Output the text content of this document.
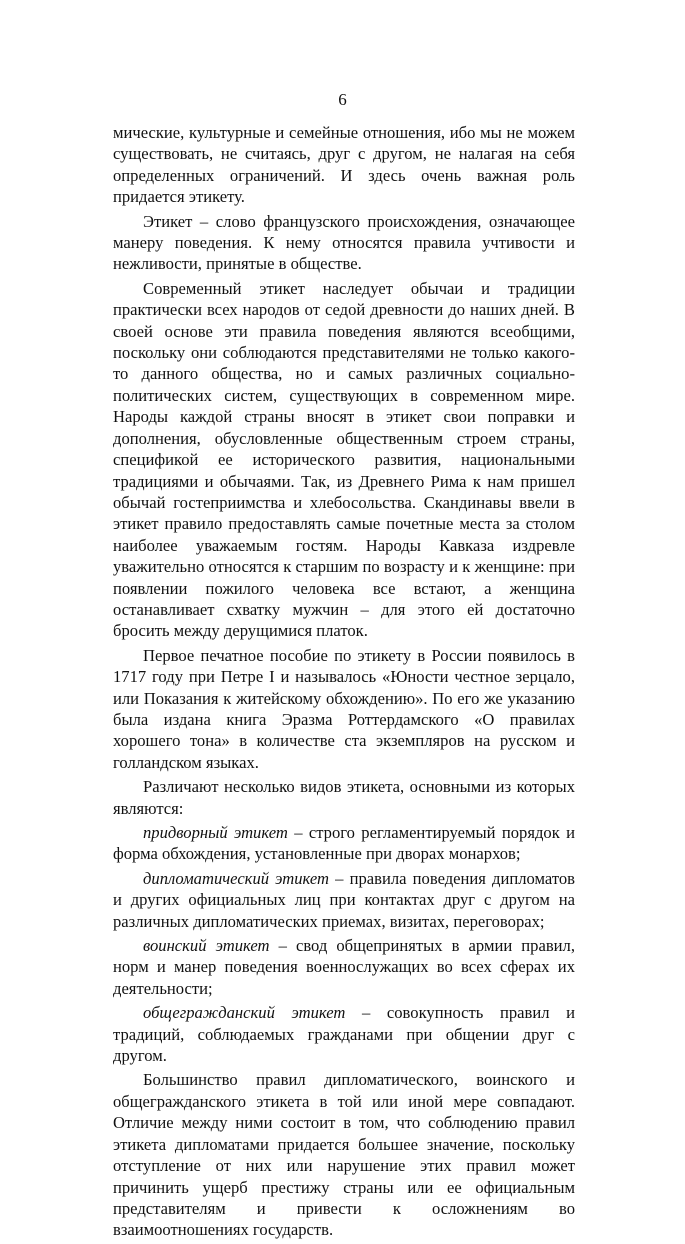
6

мические, культурные и семейные отношения, ибо мы не можем существовать, не считаясь, друг с другом, не налагая на себя определенных ограничений. И здесь очень важная роль придается этикету.

Этикет – слово французского происхождения, означающее манеру поведения. К нему относятся правила учтивости и нежливости, принятые в обществе.

Современный этикет наследует обычаи и традиции практически всех народов от седой древности до наших дней. В своей основе эти правила поведения являются всеобщими, поскольку они соблюдаются представителями не только какого-то данного общества, но и самых различных социально-политических систем, существующих в современном мире. Народы каждой страны вносят в этикет свои поправки и дополнения, обусловленные общественным строем страны, спецификой ее исторического развития, национальными традициями и обычаями. Так, из Древнего Рима к нам пришел обычай гостеприимства и хлебосольства. Скандинавы ввели в этикет правило предоставлять самые почетные места за столом наиболее уважаемым гостям. Народы Кавказа издревле уважительно относятся к старшим по возрасту и к женщине: при появлении пожилого человека все встают, а женщина останавливает схватку мужчин – для этого ей достаточно бросить между дерущимися платок.

Первое печатное пособие по этикету в России появилось в 1717 году при Петре I и называлось «Юности честное зерцало, или Показания к житейскому обхождению». По его же указанию была издана книга Эразма Роттердамского «О правилах хорошего тона» в количестве ста экземпляров на русском и голландском языках.

Различают несколько видов этикета, основными из которых являются:

придворный этикет – строго регламентируемый порядок и форма обхождения, установленные при дворах монархов;

дипломатический этикет – правила поведения дипломатов и других официальных лиц при контактах друг с другом на различных дипломатических приемах, визитах, переговорах;

воинский этикет – свод общепринятых в армии правил, норм и манер поведения военнослужащих во всех сферах их деятельности;

общегражданский этикет – совокупность правил и традиций, соблюдаемых гражданами при общении друг с другом.

Большинство правил дипломатического, воинского и общегражданского этикета в той или иной мере совпадают. Отличие между ними состоит в том, что соблюдению правил этикета дипломатами придается большее значение, поскольку отступление от них или нарушение этих правил может причинить ущерб престижу страны или ее официальным представителям и привести к осложнениям во взаимоотношениях государств.
